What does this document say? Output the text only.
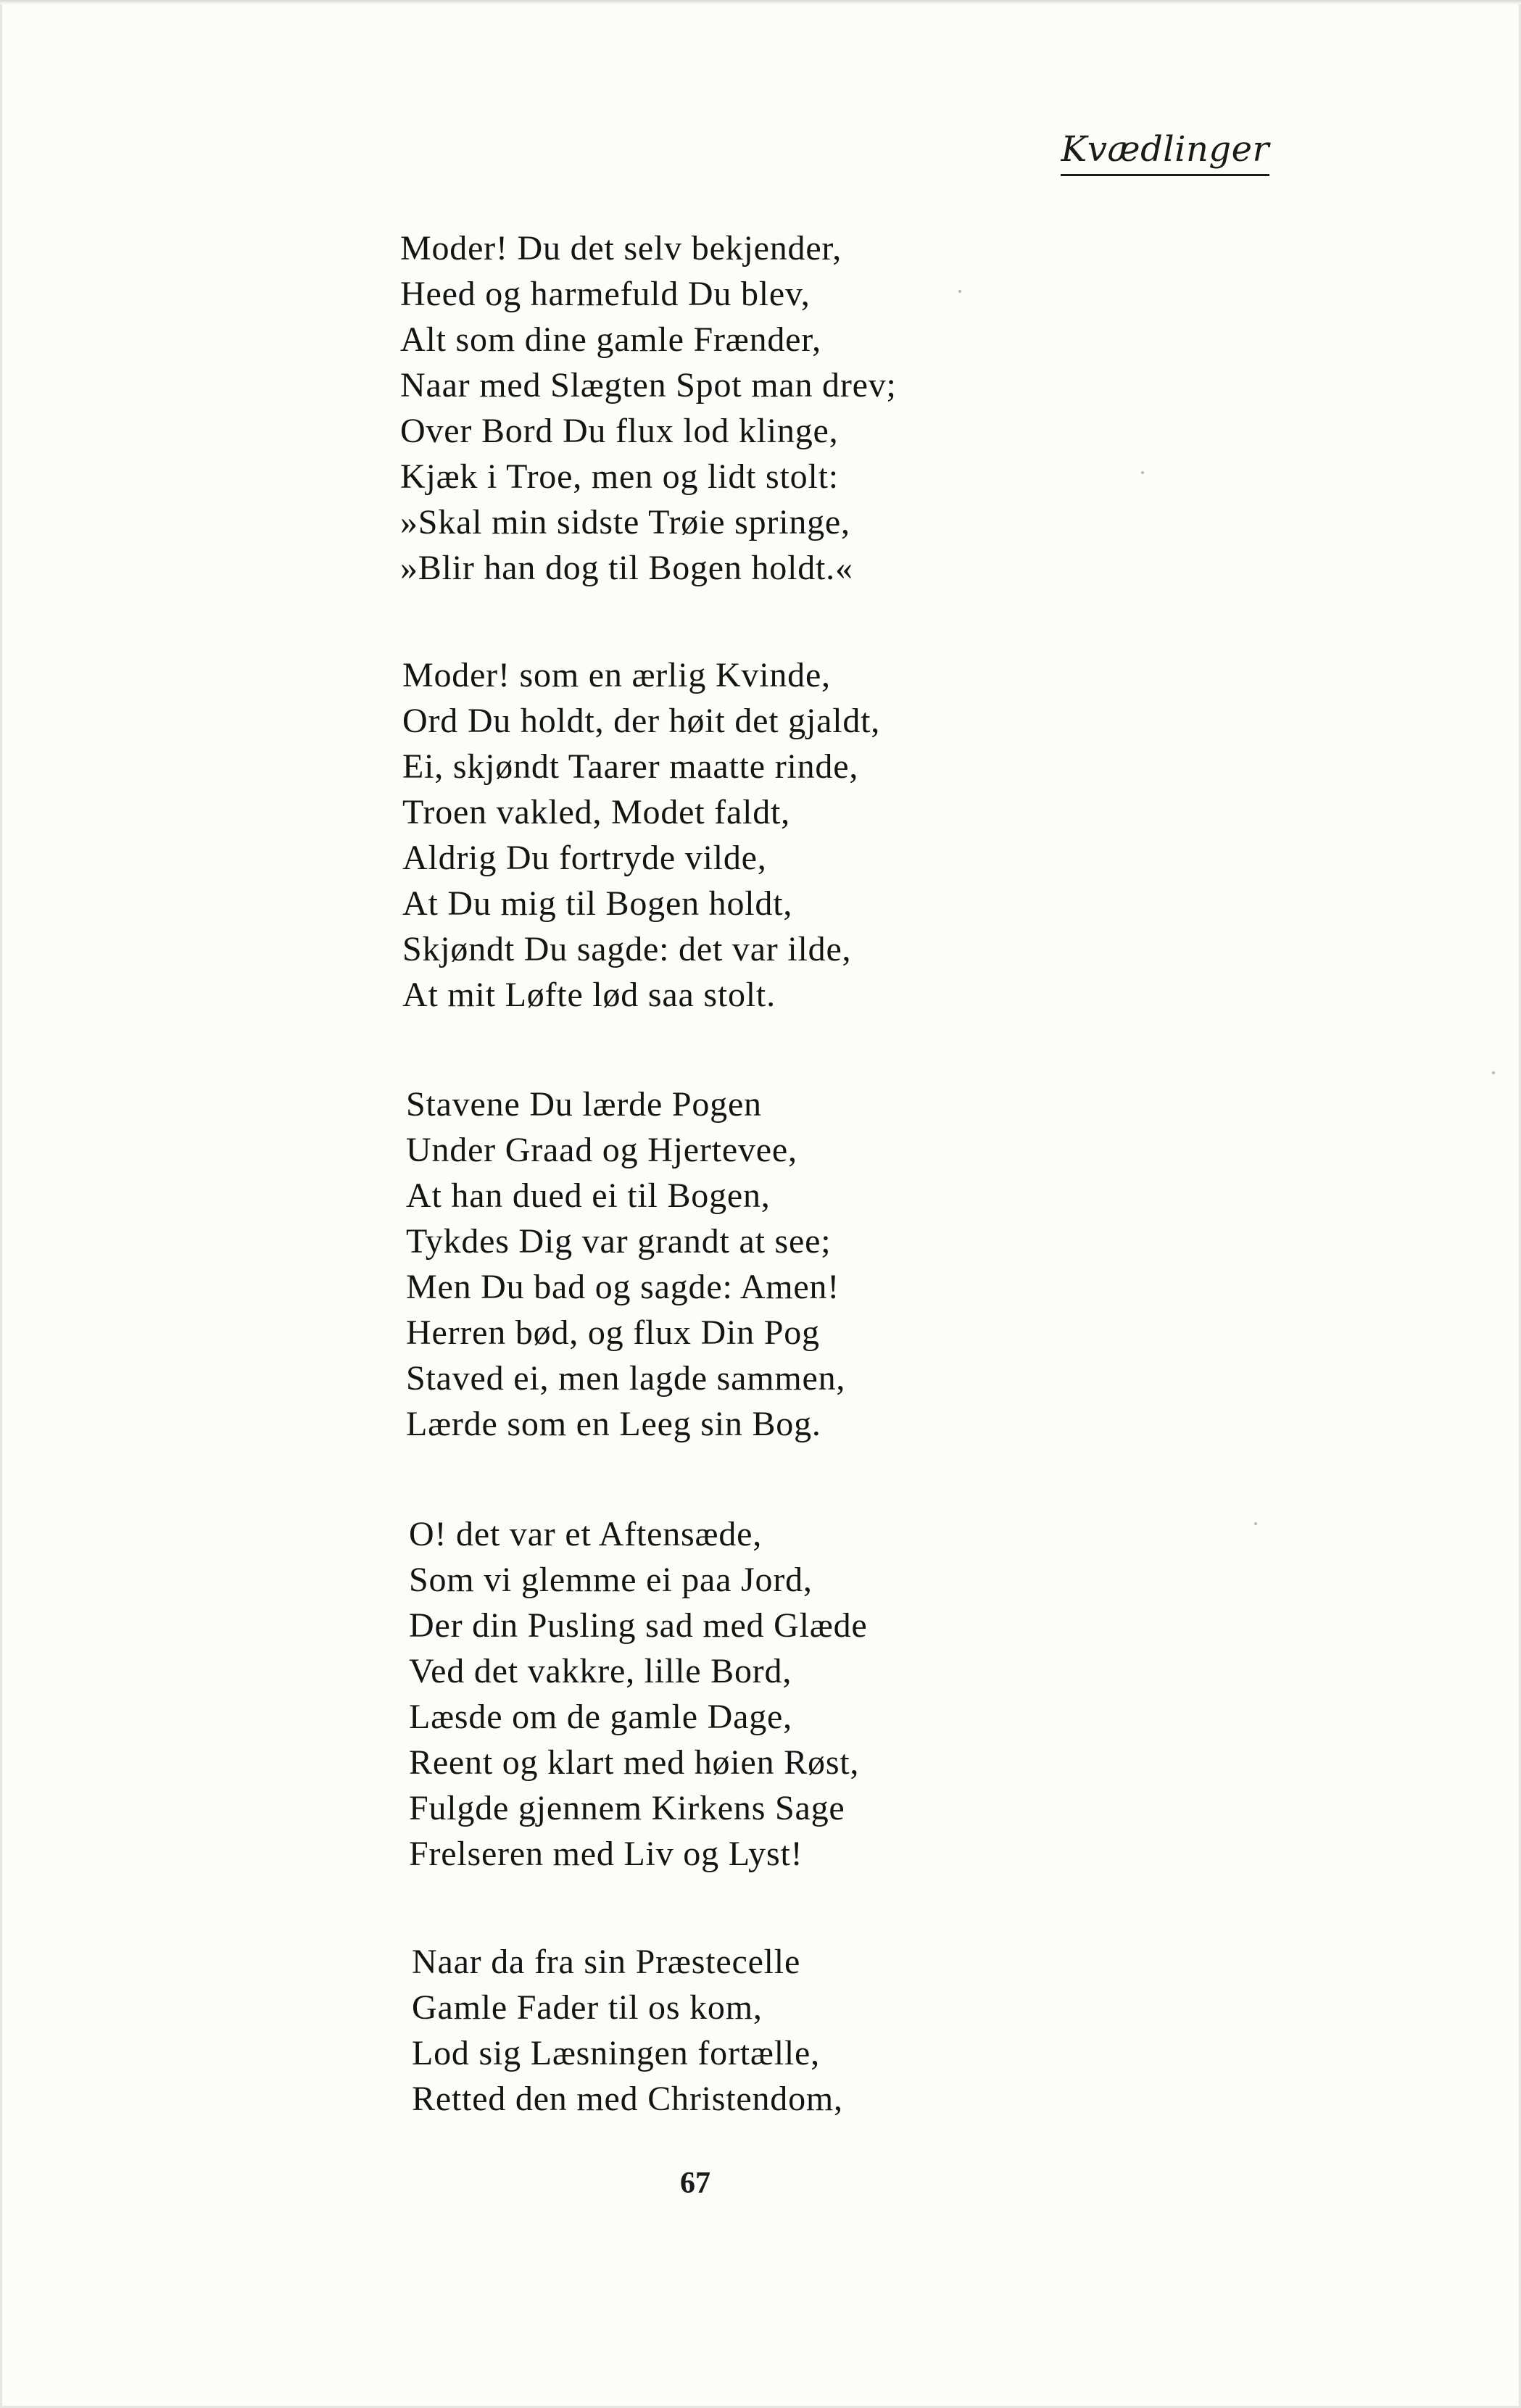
Kvædlinger
Moder! Du det selv bekjender,
Heed og harmefuld Du blev,
Alt som dine gamle Frænder,
Naar med Slægten Spot man drev;
Over Bord Du flux lod klinge,
Kjæk i Troe, men og lidt stolt:
»Skal min sidste Trøie springe,
»Blir han dog til Bogen holdt.«
Moder! som en ærlig Kvinde,
Ord Du holdt, der høit det gjaldt,
Ei, skjøndt Taarer maatte rinde,
Troen vakled, Modet faldt,
Aldrig Du fortryde vilde,
At Du mig til Bogen holdt,
Skjøndt Du sagde: det var ilde,
At mit Løfte lød saa stolt.
Stavene Du lærde Pogen
Under Graad og Hjertevee,
At han dued ei til Bogen,
Tykdes Dig var grandt at see;
Men Du bad og sagde: Amen!
Herren bød, og flux Din Pog
Staved ei, men lagde sammen,
Lærde som en Leeg sin Bog.
O! det var et Aftensæde,
Som vi glemme ei paa Jord,
Der din Pusling sad med Glæde
Ved det vakkre, lille Bord,
Læsde om de gamle Dage,
Reent og klart med høien Røst,
Fulgde gjennem Kirkens Sage
Frelseren med Liv og Lyst!
Naar da fra sin Præstecelle
Gamle Fader til os kom,
Lod sig Læsningen fortælle,
Retted den med Christendom,
67
